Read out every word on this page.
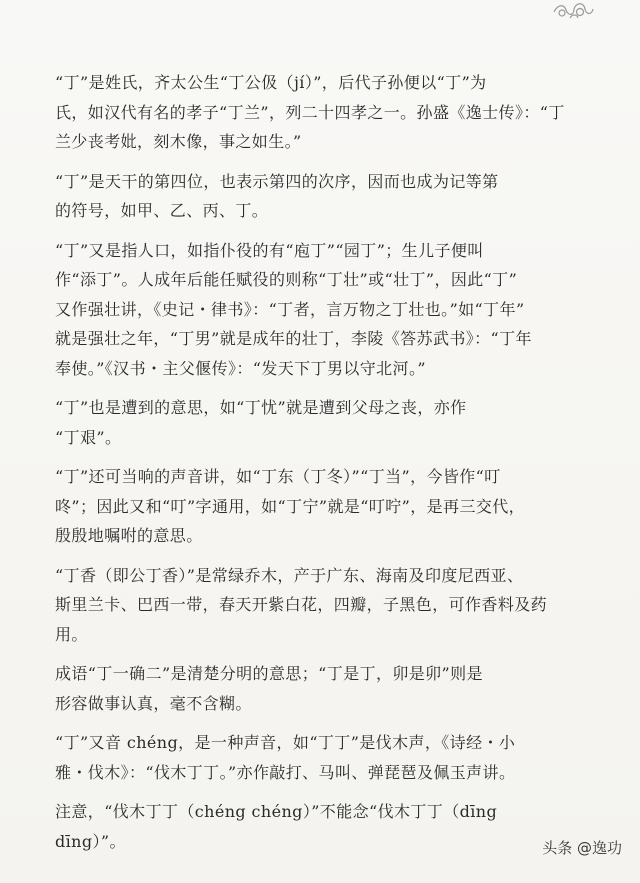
“丁”是姓氏，齐太公生“丁公伋（jí）”，后代子孙便以“丁”为
氏，如汉代有名的孝子“丁兰”，列二十四孝之一。孙盛《逸士传》：“丁
兰少丧考妣，刻木像，事之如生。”

“丁”是天干的第四位，也表示第四的次序，因而也成为记等第
的符号，如甲、乙、丙、丁。

“丁”又是指人口，如指仆役的有“庖丁”“园丁”；生儿子便叫
作“添丁”。人成年后能任赋役的则称“丁壮”或“壮丁”，因此“丁”
又作强壮讲，《史记・律书》：“丁者，言万物之丁壮也。”如“丁年”
就是强壮之年，“丁男”就是成年的壮丁，李陵《答苏武书》：“丁年
奉使。”《汉书・主父偃传》：“发天下丁男以守北河。”

“丁”也是遭到的意思，如“丁忧”就是遭到父母之丧，亦作
“丁艰”。

“丁”还可当响的声音讲，如“丁东（丁冬）”“丁当”，今皆作“叮
咚”；因此又和“叮”字通用，如“丁宁”就是“叮咛”，是再三交代，
殷殷地嘱咐的意思。

“丁香（即公丁香）”是常绿乔木，产于广东、海南及印度尼西亚、
斯里兰卡、巴西一带，春天开紫白花，四瓣，子黑色，可作香料及药
用。

成语“丁一确二”是清楚分明的意思；“丁是丁，卯是卯”则是
形容做事认真，毫不含糊。

“丁”又音 chéng，是一种声音，如“丁丁”是伐木声，《诗经・小
雅・伐木》：“伐木丁丁。”亦作敲打、马叫、弹琵琶及佩玉声讲。

注意，“伐木丁丁（chéng chéng）”不能念“伐木丁丁（dīng
dīng）”。	头条 @逸功
